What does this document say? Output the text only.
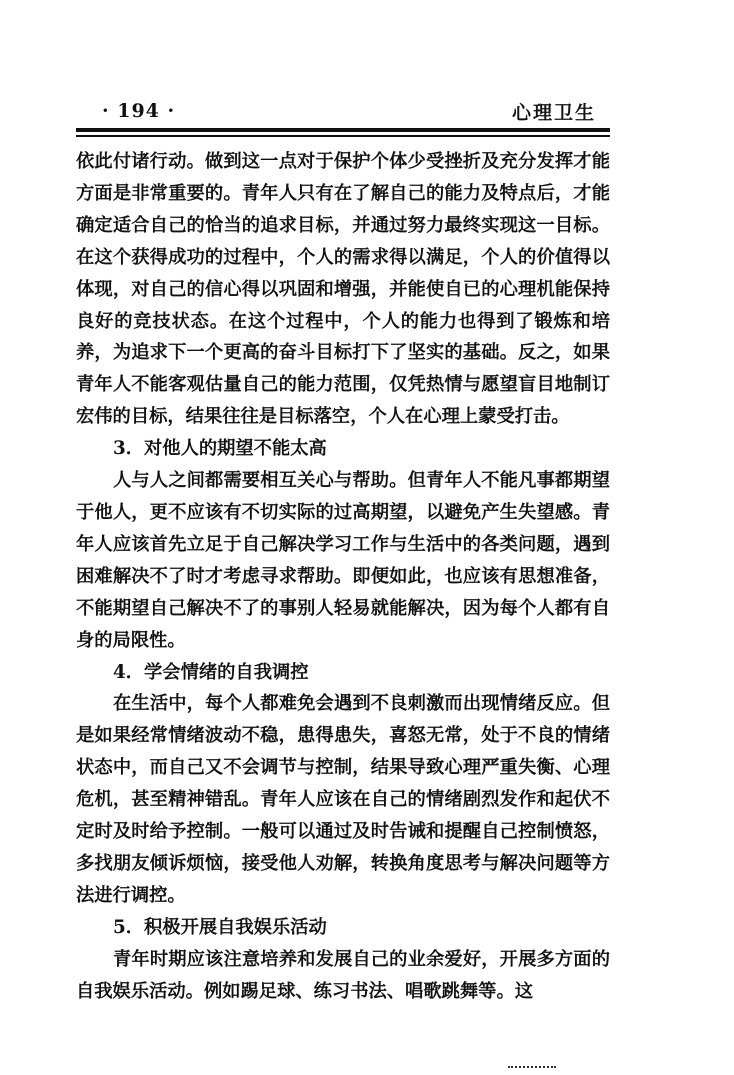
· 194 ·	心理卫生

依此付诸行动。做到这一点对于保护个体少受挫折及充分发挥才能方面是非常重要的。青年人只有在了解自己的能力及特点后，才能确定适合自己的恰当的追求目标，并通过努力最终实现这一目标。在这个获得成功的过程中，个人的需求得以满足，个人的价值得以体现，对自己的信心得以巩固和增强，并能使自已的心理机能保持良好的竞技状态。在这个过程中，个人的能力也得到了锻炼和培养，为追求下一个更高的奋斗目标打下了坚实的基础。反之，如果青年人不能客观估量自己的能力范围，仅凭热情与愿望盲目地制订宏伟的目标，结果往往是目标落空，个人在心理上蒙受打击。

3．对他人的期望不能太高

人与人之间都需要相互关心与帮助。但青年人不能凡事都期望于他人，更不应该有不切实际的过高期望，以避免产生失望感。青年人应该首先立足于自己解决学习工作与生活中的各类问题，遇到困难解决不了时才考虑寻求帮助。即便如此，也应该有思想准备，不能期望自己解决不了的事别人轻易就能解决，因为每个人都有自身的局限性。

4．学会情绪的自我调控

在生活中，每个人都难免会遇到不良刺激而出现情绪反应。但是如果经常情绪波动不稳，患得患失，喜怒无常，处于不良的情绪状态中，而自己又不会调节与控制，结果导致心理严重失衡、心理危机，甚至精神错乱。青年人应该在自己的情绪剧烈发作和起伏不定时及时给予控制。一般可以通过及时告诫和提醒自己控制愤怒，多找朋友倾诉烦恼，接受他人劝解，转换角度思考与解决问题等方法进行调控。

5．积极开展自我娱乐活动

青年时期应该注意培养和发展自己的业余爱好，开展多方面的自我娱乐活动。例如踢足球、练习书法、唱歌跳舞等。这
